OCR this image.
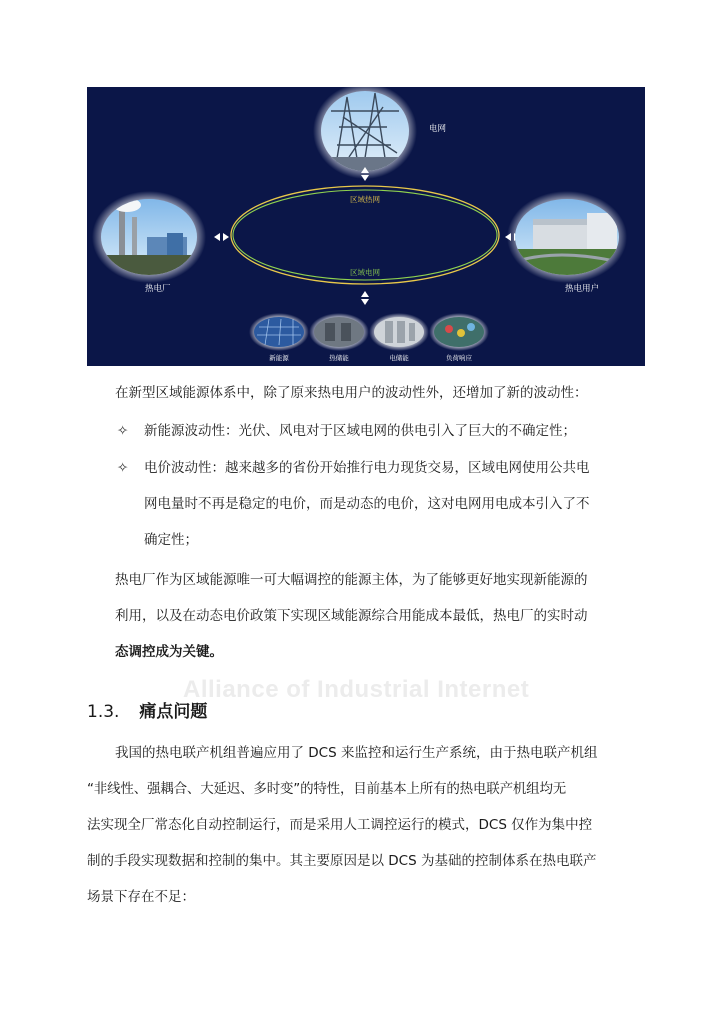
电网
热电厂
区域热网
区域电网
热电用户
新能源	热储能	电储能	负荷响应

在新型区域能源体系中，除了原来热电用户的波动性外，还增加了新的波动性：

✧ 新能源波动性：光伏、风电对于区域电网的供电引入了巨大的不确定性；
✧ 电价波动性：越来越多的省份开始推行电力现货交易，区域电网使用公共电
网电量时不再是稳定的电价，而是动态的电价，这对电网用电成本引入了不
确定性；
热电厂作为区域能源唯一可大幅调控的能源主体，为了能够更好地实现新能源的
利用，以及在动态电价政策下实现区域能源综合用能成本最低，热电厂的实时动
态调控成为关键。
Alliance of Industrial Internet
1.3. 痛点问题
我国的热电联产机组普遍应用了 DCS 来监控和运行生产系统，由于热电联产机组
“非线性、强耦合、大延迟、多时变”的特性，目前基本上所有的热电联产机组均无
法实现全厂常态化自动控制运行，而是采用人工调控运行的模式，DCS 仅作为集中控
制的手段实现数据和控制的集中。其主要原因是以 DCS 为基础的控制体系在热电联产
场景下存在不足：
